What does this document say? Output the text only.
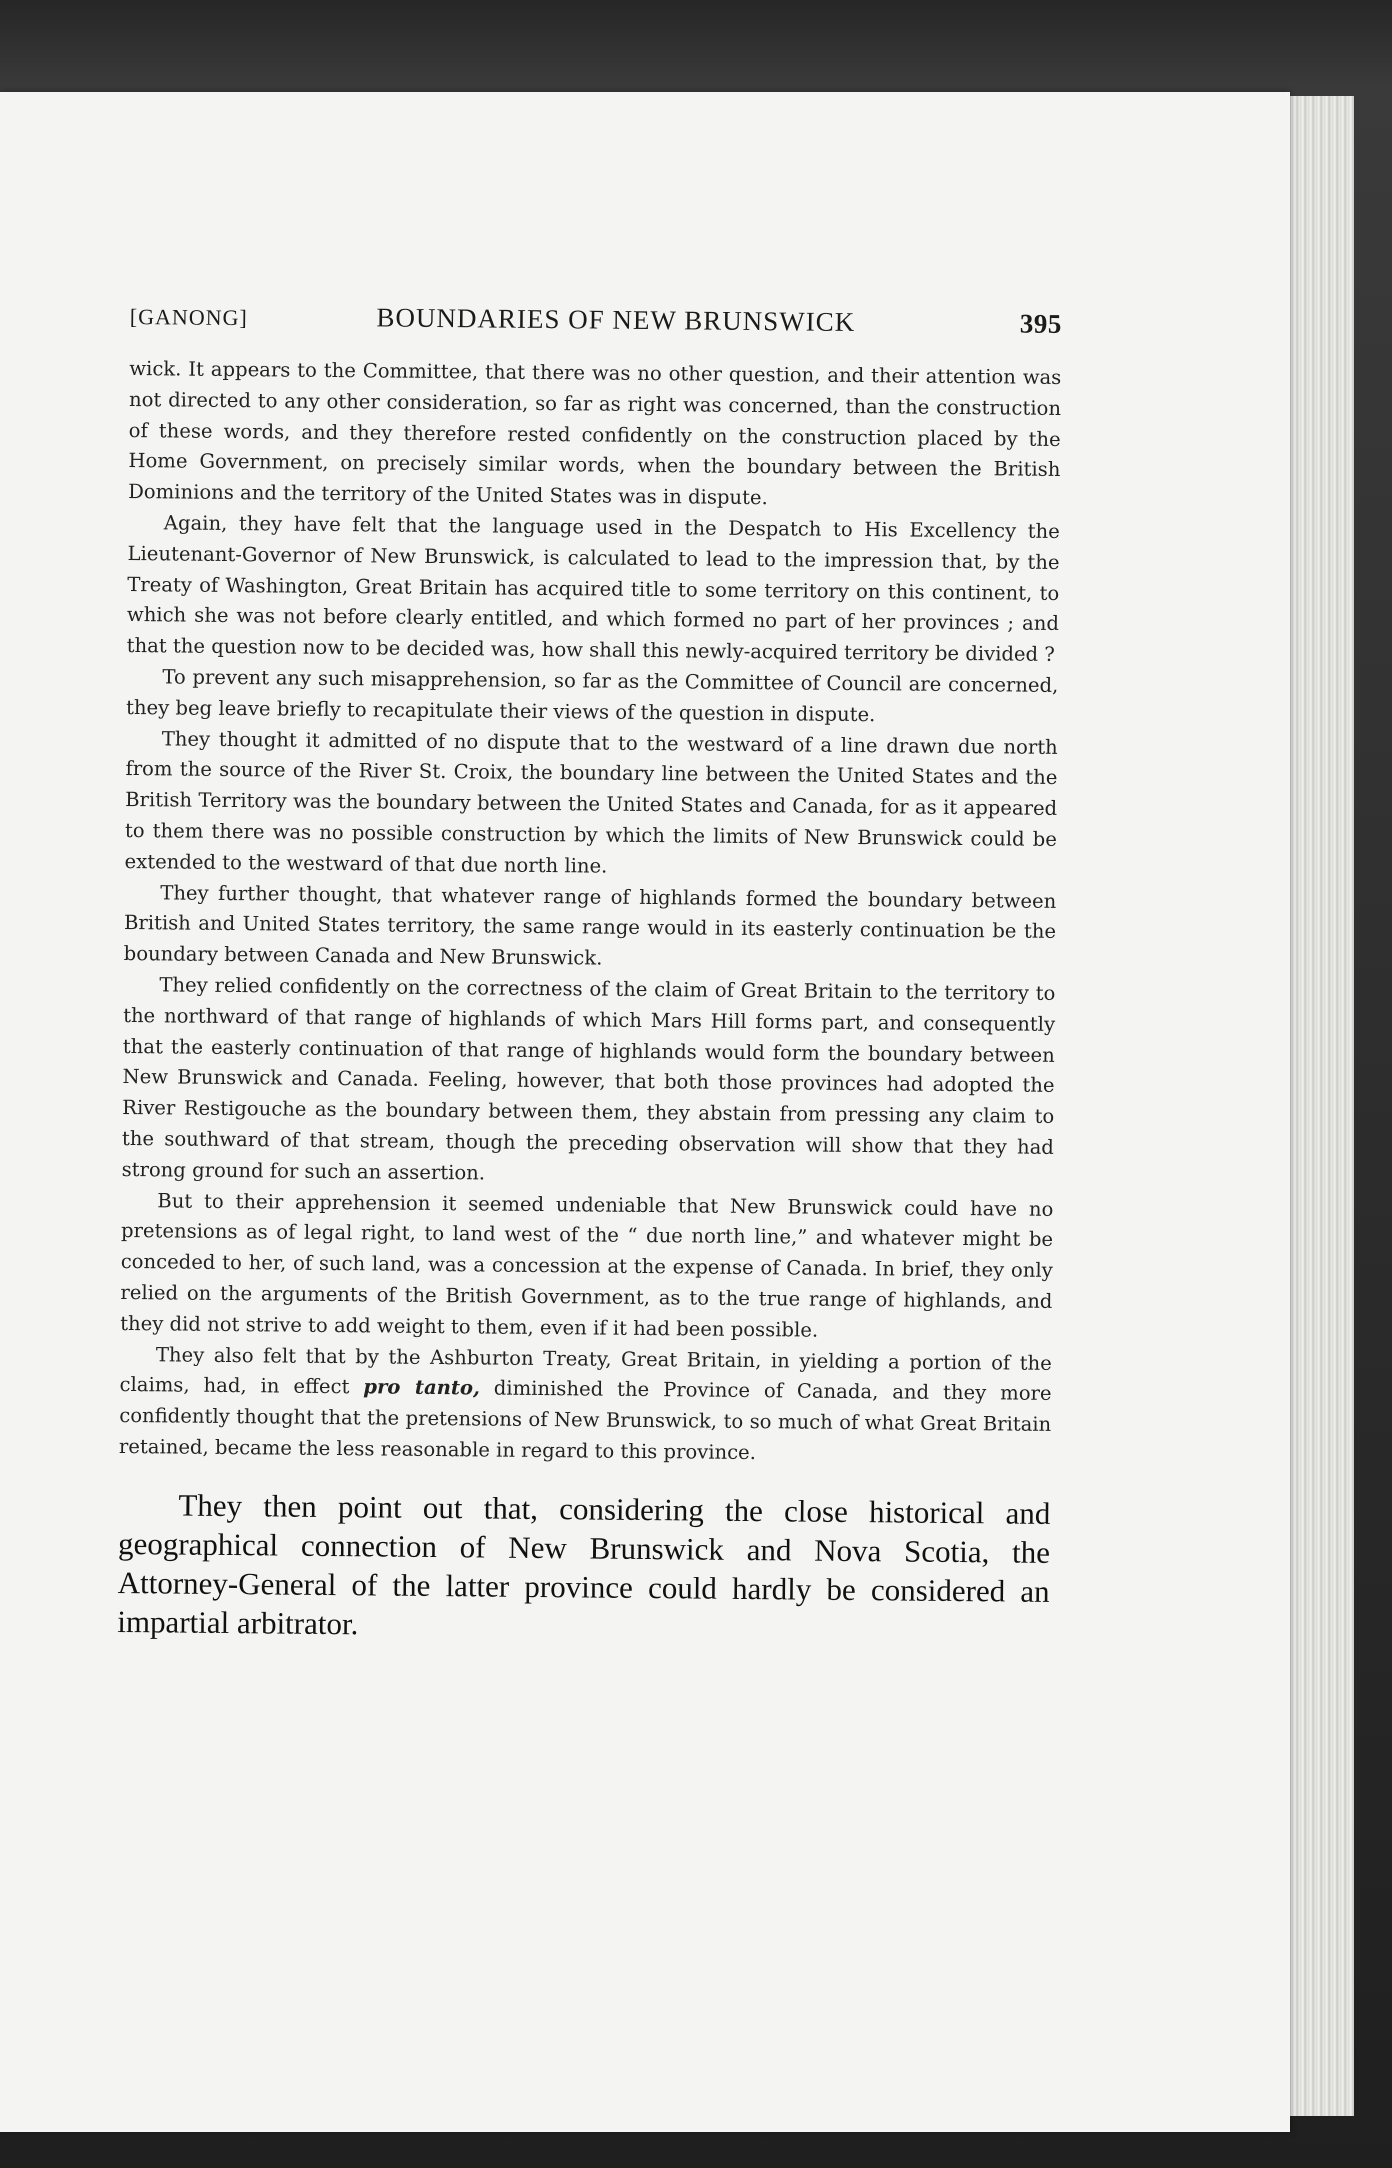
[GANONG]	BOUNDARIES OF NEW BRUNSWICK	395

wick. It appears to the Committee, that there was no other question, and their attention was not directed to any other consideration, so far as right was concerned, than the construction of these words, and they therefore rested confidently on the construction placed by the Home Government, on precisely similar words, when the boundary between the British Dominions and the territory of the United States was in dispute.

Again, they have felt that the language used in the Despatch to His Excellency the Lieutenant-Governor of New Brunswick, is calculated to lead to the impression that, by the Treaty of Washington, Great Britain has acquired title to some territory on this continent, to which she was not before clearly entitled, and which formed no part of her provinces ; and that the question now to be decided was, how shall this newly-acquired territory be divided ?

To prevent any such misapprehension, so far as the Committee of Council are concerned, they beg leave briefly to recapitulate their views of the question in dispute.

They thought it admitted of no dispute that to the westward of a line drawn due north from the source of the River St. Croix, the boundary line between the United States and the British Territory was the boundary between the United States and Canada, for as it appeared to them there was no possible construction by which the limits of New Brunswick could be extended to the westward of that due north line.

They further thought, that whatever range of highlands formed the boundary between British and United States territory, the same range would in its easterly continuation be the boundary between Canada and New Brunswick.

They relied confidently on the correctness of the claim of Great Britain to the territory to the northward of that range of highlands of which Mars Hill forms part, and consequently that the easterly continuation of that range of highlands would form the boundary between New Brunswick and Canada. Feeling, however, that both those provinces had adopted the River Restigouche as the boundary between them, they abstain from pressing any claim to the southward of that stream, though the preceding observation will show that they had strong ground for such an assertion.

But to their apprehension it seemed undeniable that New Brunswick could have no pretensions as of legal right, to land west of the “ due north line,” and whatever might be conceded to her, of such land, was a concession at the expense of Canada. In brief, they only relied on the arguments of the British Government, as to the true range of highlands, and they did not strive to add weight to them, even if it had been possible.

They also felt that by the Ashburton Treaty, Great Britain, in yielding a portion of the claims, had, in effect pro tanto, diminished the Province of Canada, and they more confidently thought that the pretensions of New Brunswick, to so much of what Great Britain retained, became the less reasonable in regard to this province.

They then point out that, considering the close historical and geographical connection of New Brunswick and Nova Scotia, the Attorney-General of the latter province could hardly be considered an impartial arbitrator.
